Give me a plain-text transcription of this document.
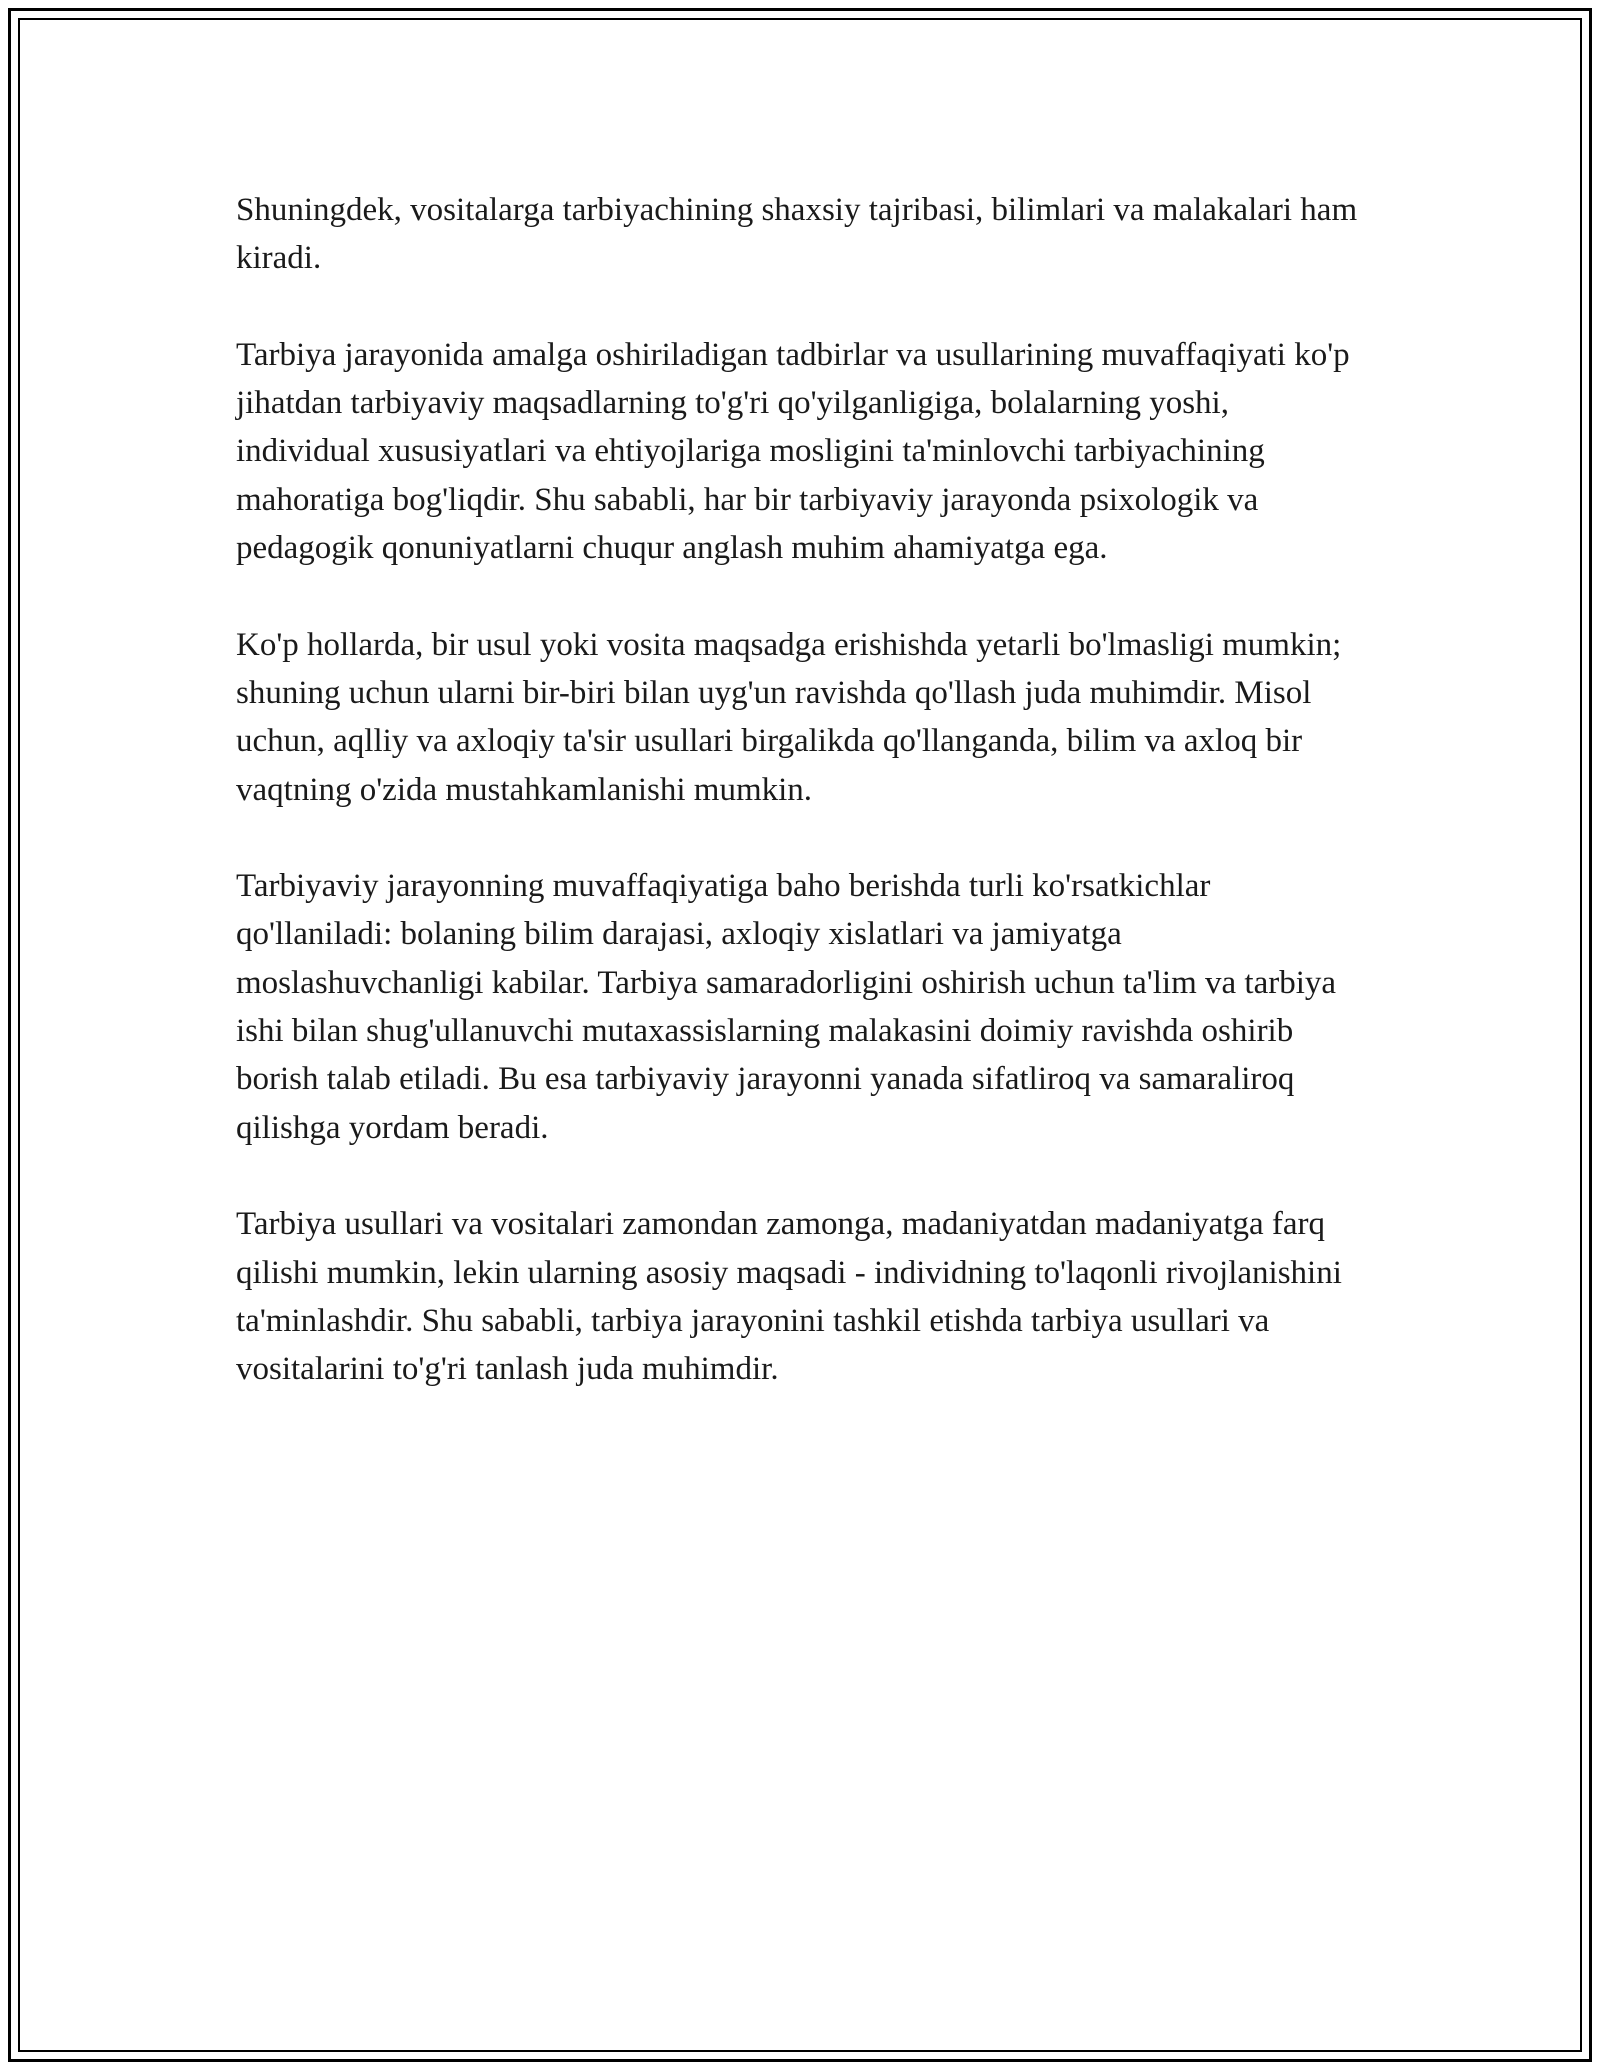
Shuningdek, vositalarga tarbiyachining shaxsiy tajribasi, bilimlari va malakalari ham kiradi.

Tarbiya jarayonida amalga oshiriladigan tadbirlar va usullarining muvaffaqiyati ko'p jihatdan tarbiyaviy maqsadlarning to'g'ri qo'yilganligiga, bolalarning yoshi, individual xususiyatlari va ehtiyojlariga mosligini ta'minlovchi tarbiyachining mahoratiga bog'liqdir. Shu sababli, har bir tarbiyaviy jarayonda psixologik va pedagogik qonuniyatlarni chuqur anglash muhim ahamiyatga ega.

Ko'p hollarda, bir usul yoki vosita maqsadga erishishda yetarli bo'lmasligi mumkin; shuning uchun ularni bir-biri bilan uyg'un ravishda qo'llash juda muhimdir. Misol uchun, aqlliy va axloqiy ta'sir usullari birgalikda qo'llanganda, bilim va axloq bir vaqtning o'zida mustahkamlanishi mumkin.

Tarbiyaviy jarayonning muvaffaqiyatiga baho berishda turli ko'rsatkichlar qo'llaniladi: bolaning bilim darajasi, axloqiy xislatlari va jamiyatga moslashuvchanligi kabilar. Tarbiya samaradorligini oshirish uchun ta'lim va tarbiya ishi bilan shug'ullanuvchi mutaxassislarning malakasini doimiy ravishda oshirib borish talab etiladi. Bu esa tarbiyaviy jarayonni yanada sifatliroq va samaraliroq qilishga yordam beradi.

Tarbiya usullari va vositalari zamondan zamonga, madaniyatdan madaniyatga farq qilishi mumkin, lekin ularning asosiy maqsadi - individning to'laqonli rivojlanishini ta'minlashdir. Shu sababli, tarbiya jarayonini tashkil etishda tarbiya usullari va vositalarini to'g'ri tanlash juda muhimdir.
